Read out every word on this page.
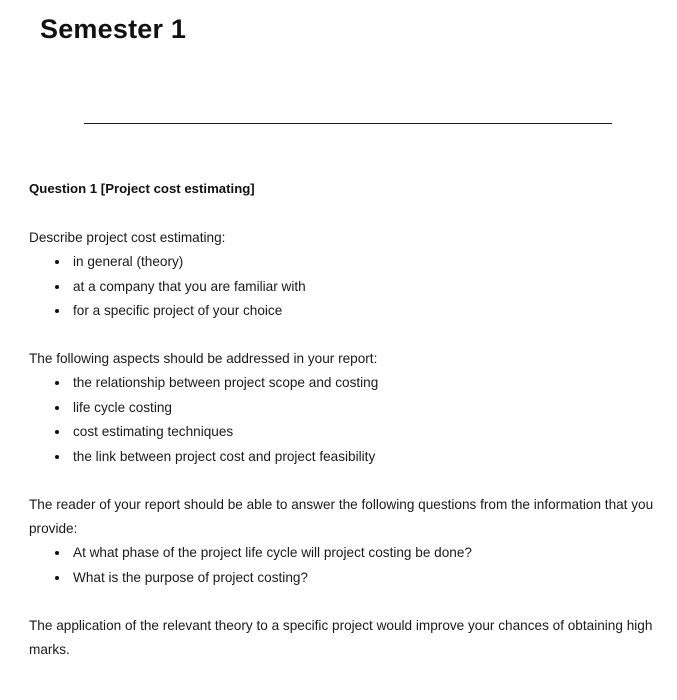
Semester 1
Question 1 [Project cost estimating]

Describe project cost estimating:

in general (theory)
at a company that you are familiar with
for a specific project of your choice

The following aspects should be addressed in your report:

the relationship between project scope and costing
life cycle costing
cost estimating techniques
the link between project cost and project feasibility

The reader of your report should be able to answer the following questions from the information that you provide:

At what phase of the project life cycle will project costing be done?
What is the purpose of project costing?

The application of the relevant theory to a specific project would improve your chances of obtaining high marks.
